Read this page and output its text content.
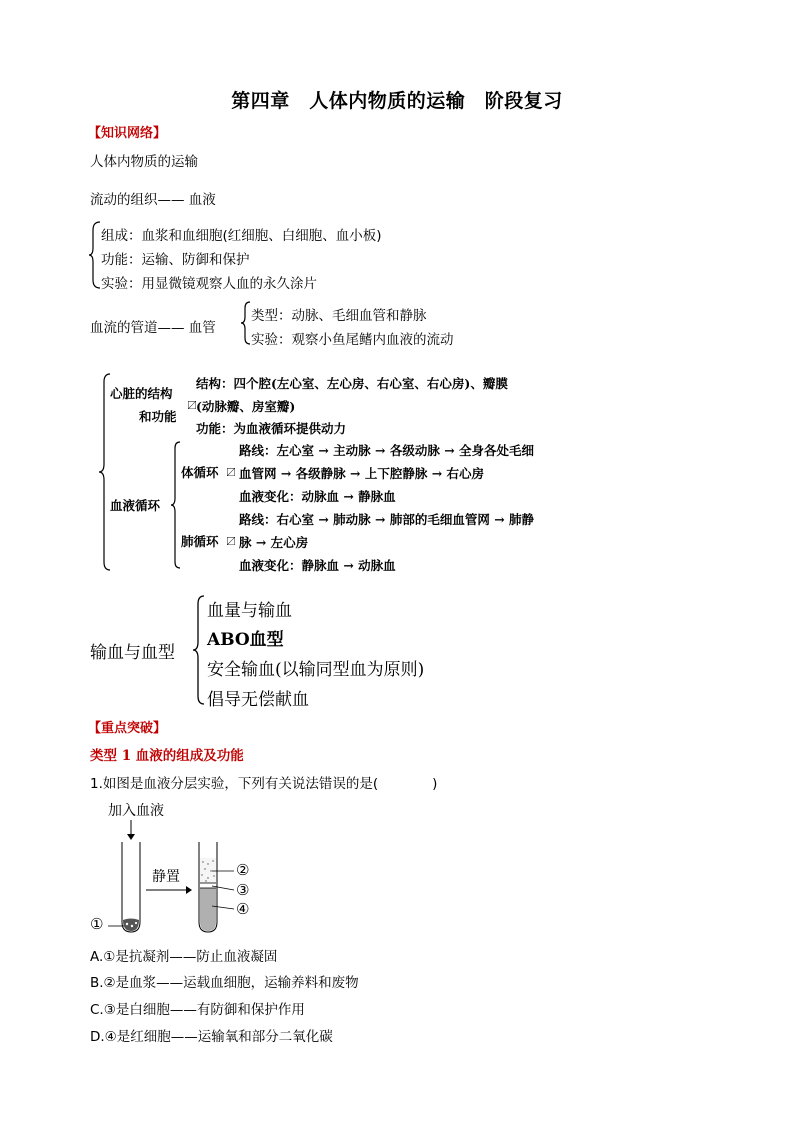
第四章　人体内物质的运输　阶段复习
【知识网络】
人体内物质的运输
流动的组织—— 血液
组成：血浆和血细胞(红细胞、白细胞、血小板)
功能：运输、防御和保护
实验：用显微镜观察人血的永久涂片
血流的管道—— 血管
类型：动脉、毛细血管和静脉
实验：观察小鱼尾鳍内血液的流动
心脏的结构
和功能
结构：四个腔(左心室、左心房、右心室、右心房)、瓣膜
〼 (动脉瓣、房室瓣)
功能：为血液循环提供动力
血液循环
体循环 〼
路线：左心室 → 主动脉 → 各级动脉 → 全身各处毛细
血管网 → 各级静脉 → 上下腔静脉 → 右心房
血液变化：动脉血 → 静脉血
肺循环 〼
路线：右心室 → 肺动脉 → 肺部的毛细血管网 → 肺静
脉 → 左心房
血液变化：静脉血 → 动脉血
输血与血型
血量与输血
ABO血型
安全输血(以输同型血为原则)
倡导无偿献血
【重点突破】
类型 1 血液的组成及功能
1.如图是血液分层实验，下列有关说法错误的是(　　　　)
加入血液
静置
①
②
③
④
A.①是抗凝剂——防止血液凝固
B.②是血浆——运载血细胞，运输养料和废物
C.③是白细胞——有防御和保护作用
D.④是红细胞——运输氧和部分二氧化碳
